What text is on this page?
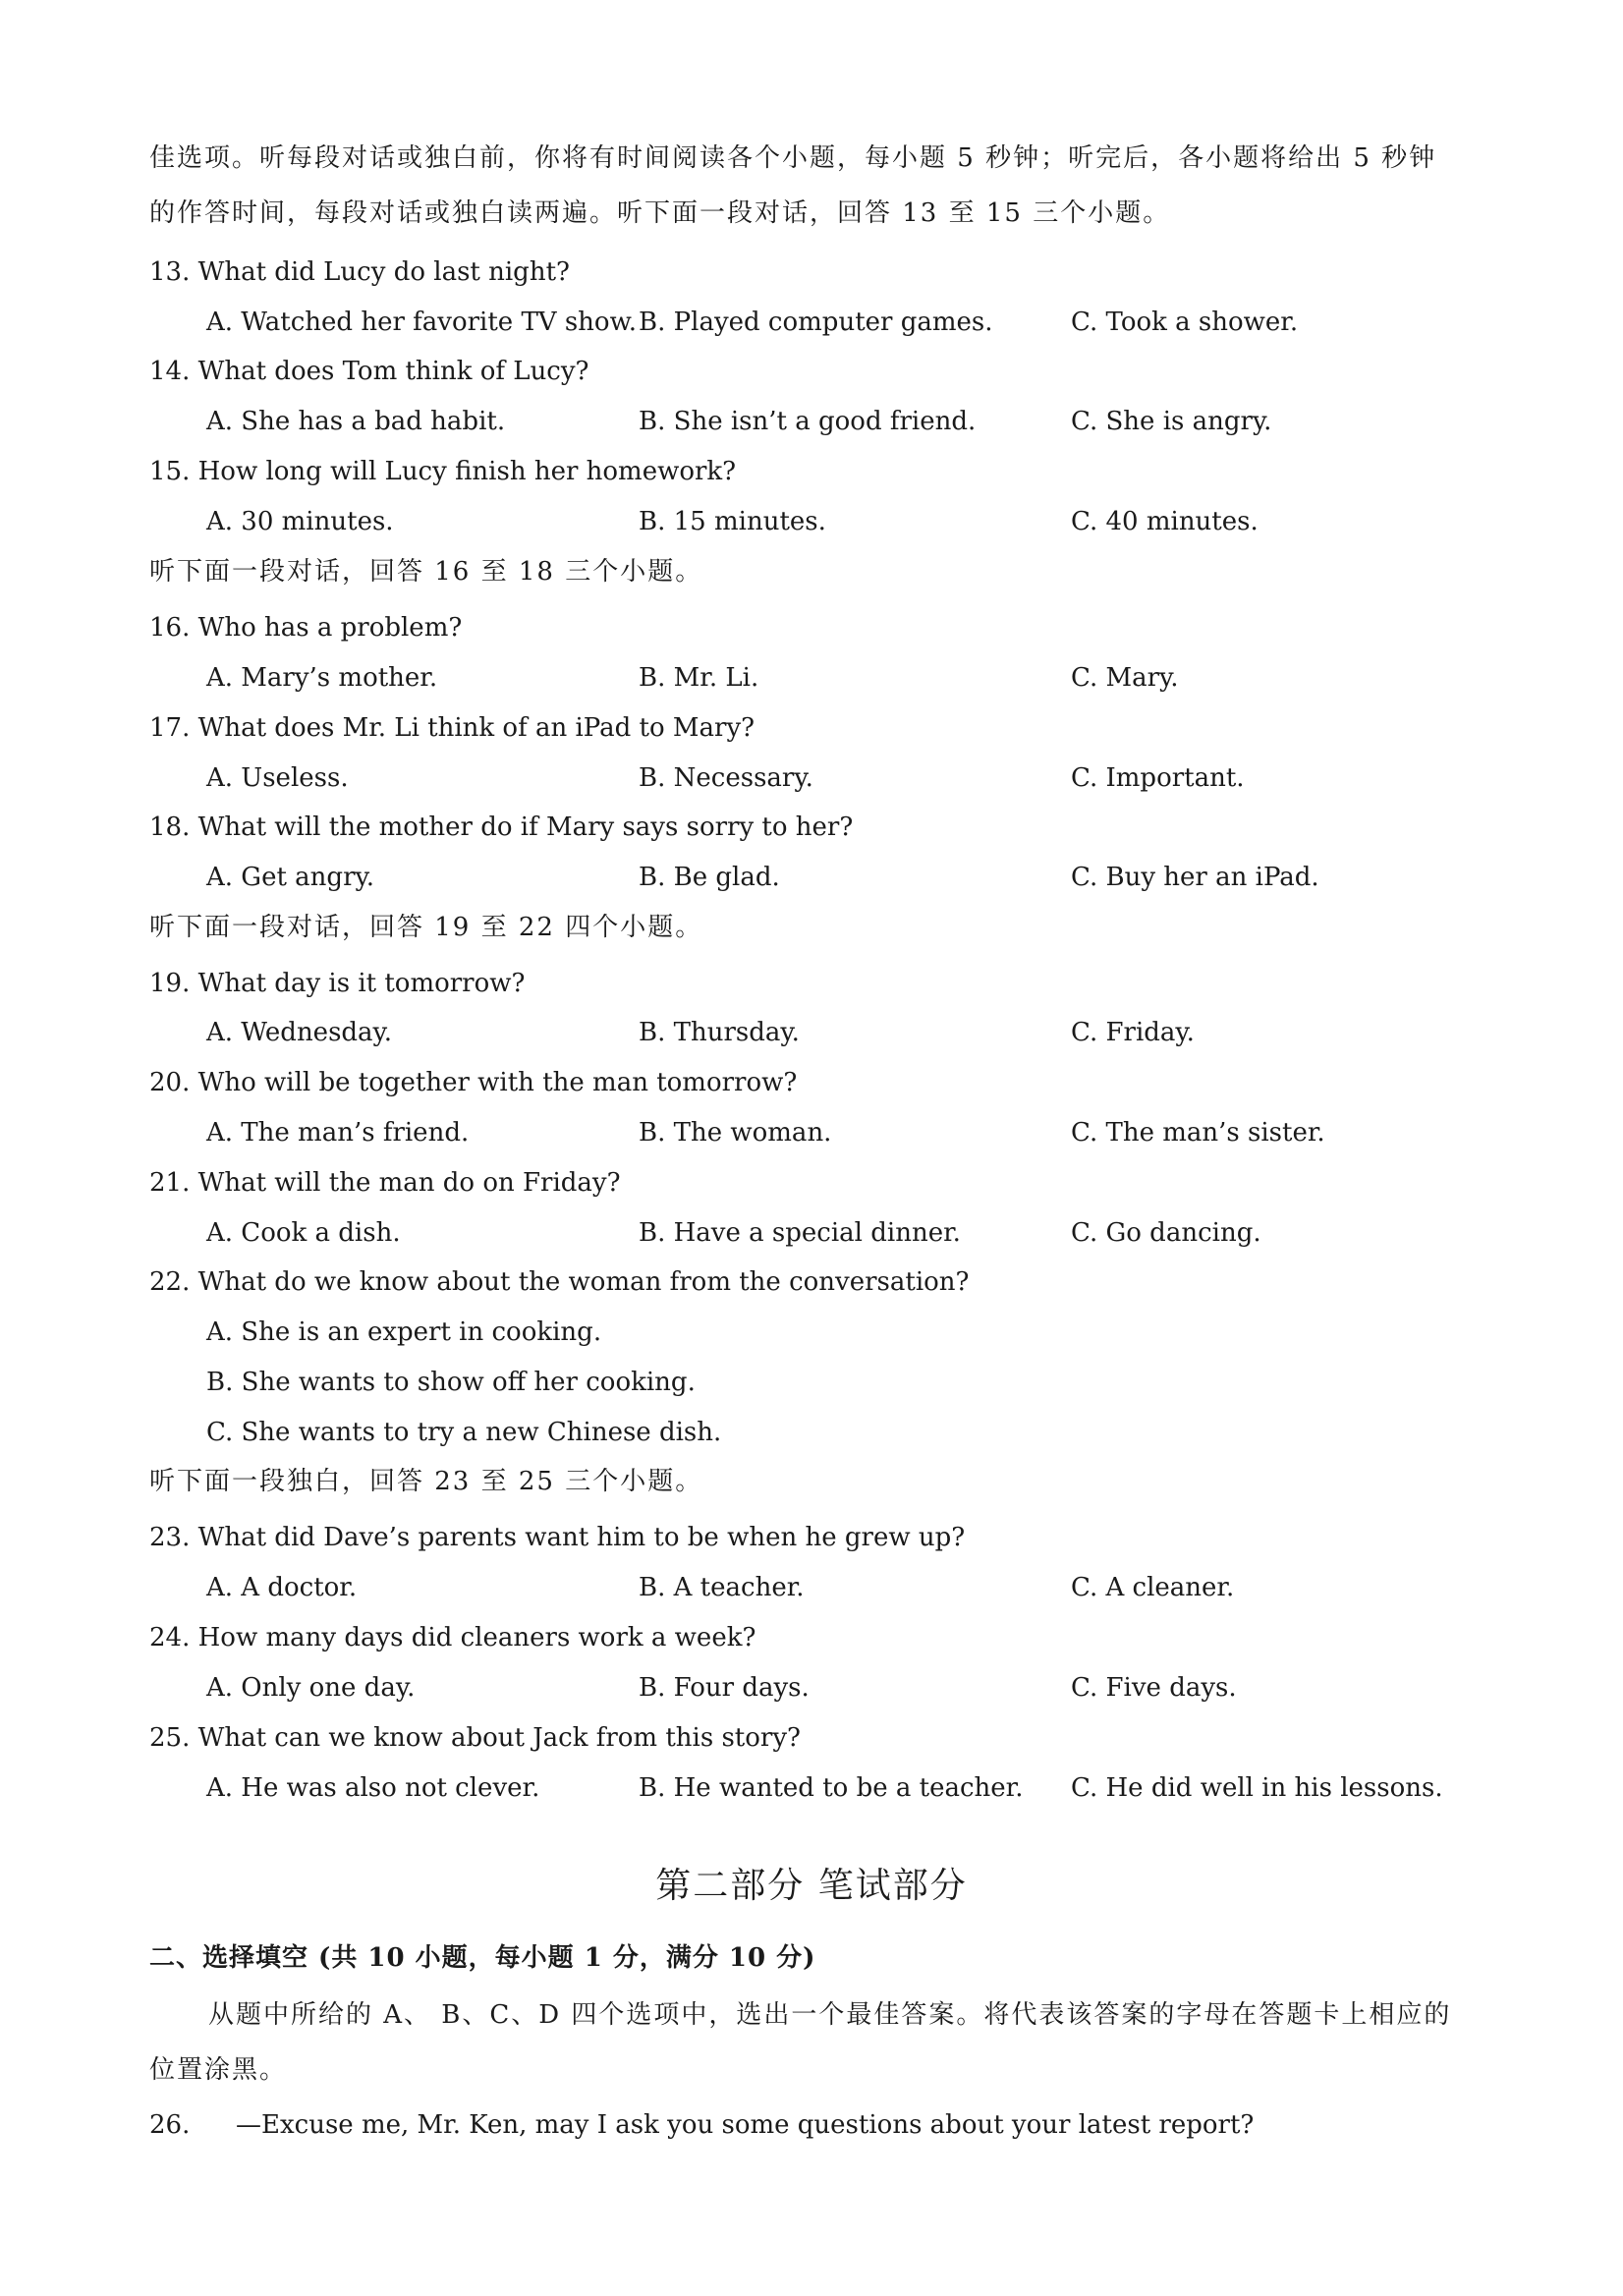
佳选项。听每段对话或独白前，你将有时间阅读各个小题，每小题 5 秒钟；听完后，各小题将给出 5 秒钟
的作答时间，每段对话或独白读两遍。听下面一段对话，回答 13 至 15 三个小题。
13. What did Lucy do last night?
A. Watched her favorite TV show. B. Played computer games.	C. Took a shower.
14. What does Tom think of Lucy?
A. She has a bad habit.	B. She isn’t a good friend.	C. She is angry.
15. How long will Lucy finish her homework?
A. 30 minutes.	B. 15 minutes.	C. 40 minutes.
听下面一段对话，回答 16 至 18 三个小题。
16. Who has a problem?
A. Mary’s mother.	B. Mr. Li.	C. Mary.
17. What does Mr. Li think of an iPad to Mary?
A. Useless.	B. Necessary.	C. Important.
18. What will the mother do if Mary says sorry to her?
A. Get angry.	B. Be glad.	C. Buy her an iPad.
听下面一段对话，回答 19 至 22 四个小题。
19. What day is it tomorrow?
A. Wednesday.	B. Thursday.	C. Friday.
20. Who will be together with the man tomorrow?
A. The man’s friend.	B. The woman.	C. The man’s sister.
21. What will the man do on Friday?
A. Cook a dish.	B. Have a special dinner.	C. Go dancing.
22. What do we know about the woman from the conversation?
A. She is an expert in cooking.
B. She wants to show off her cooking.
C. She wants to try a new Chinese dish.
听下面一段独白，回答 23 至 25 三个小题。
23. What did Dave’s parents want him to be when he grew up?
A. A doctor.	B. A teacher.	C. A cleaner.
24. How many days did cleaners work a week?
A. Only one day.	B. Four days.	C. Five days.
25. What can we know about Jack from this story?
A. He was also not clever.	B. He wanted to be a teacher. C. He did well in his lessons.
第二部分 笔试部分
二、选择填空 (共 10 小题，每小题 1 分，满分 10 分)
从题中所给的 A、 B、C、D 四个选项中，选出一个最佳答案。将代表该答案的字母在答题卡上相应的
位置涂黑。
26. —Excuse me, Mr. Ken, may I ask you some questions about your latest report?
